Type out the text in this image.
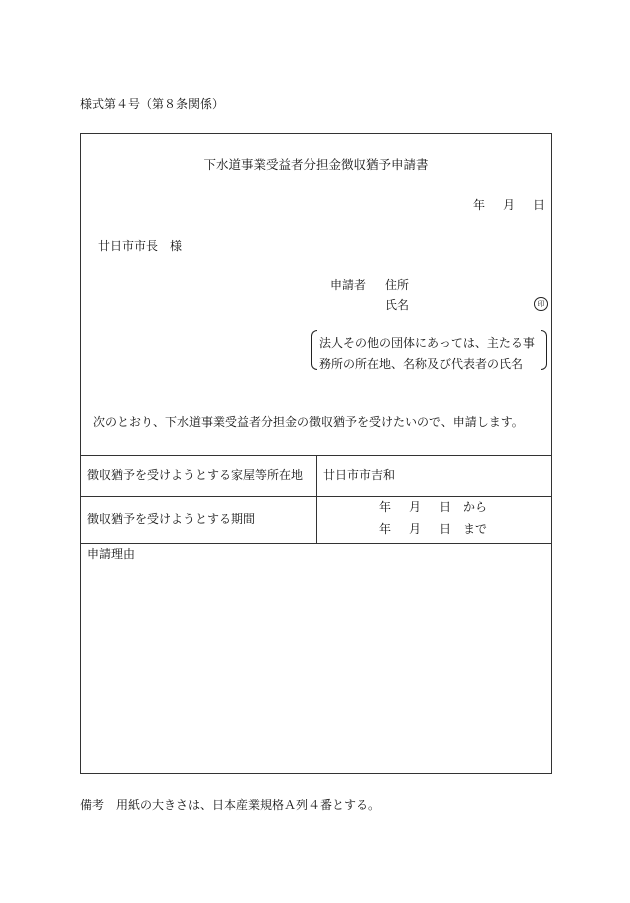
様式第４号（第８条関係）
下水道事業受益者分担金徴収猶予申請書
年 月 日
廿日市市長　様
申請者 住所
氏名	印
法人その他の団体にあっては、主たる事
務所の所在地、名称及び代表者の氏名
次のとおり、下水道事業受益者分担金の徴収猶予を受けたいので、申請します。
徴収猶予を受けようとする家屋等所在地 廿日市市吉和
徴収猶予を受けようとする期間
年 月 日 から
年 月 日 まで
申請理由
備考　用紙の大きさは、日本産業規格Ａ列４番とする。
